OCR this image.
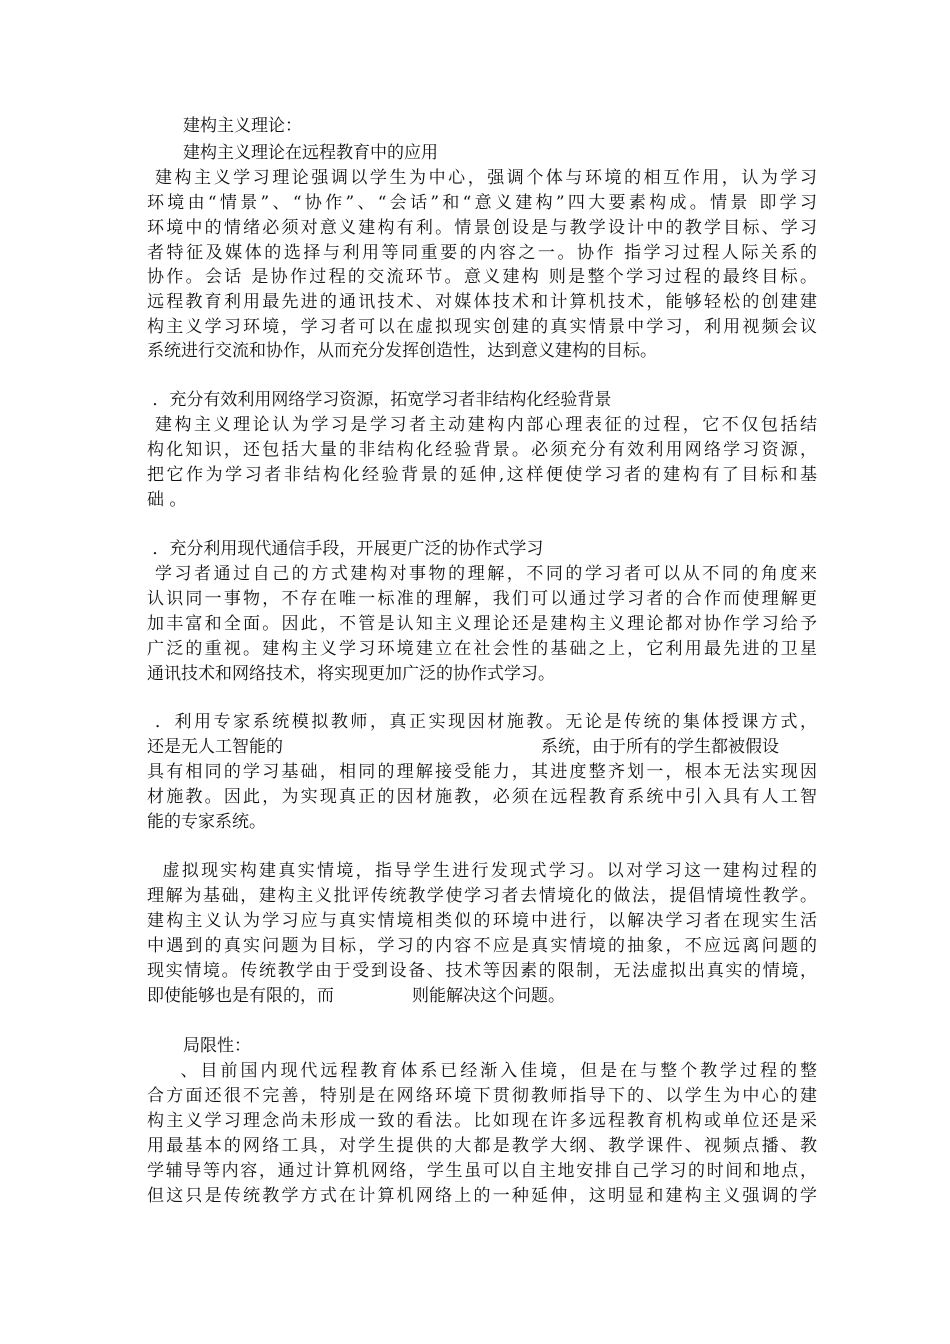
建构主义理论：
建构主义理论在远程教育中的应用
建构主义学习理论强调以学生为中心，强调个体与环境的相互作用，认为学习
环境由“情景”、“协作”、“会话”和“意义建构”四大要素构成。情景 即学习
环境中的情绪必须对意义建构有利。情景创设是与教学设计中的教学目标、学习
者特征及媒体的选择与利用等同重要的内容之一。协作 指学习过程人际关系的
协作。会话 是协作过程的交流环节。意义建构 则是整个学习过程的最终目标。
远程教育利用最先进的通讯技术、对媒体技术和计算机技术，能够轻松的创建建
构主义学习环境，学习者可以在虚拟现实创建的真实情景中学习，利用视频会议
系统进行交流和协作，从而充分发挥创造性，达到意义建构的目标。
．充分有效利用网络学习资源，拓宽学习者非结构化经验背景
建构主义理论认为学习是学习者主动建构内部心理表征的过程，它不仅包括结
构化知识，还包括大量的非结构化经验背景。必须充分有效利用网络学习资源，
把它作为学习者非结构化经验背景的延伸,这样便使学习者的建构有了目标和基
础 。
．充分利用现代通信手段，开展更广泛的协作式学习
学习者通过自己的方式建构对事物的理解，不同的学习者可以从不同的角度来
认识同一事物，不存在唯一标准的理解，我们可以通过学习者的合作而使理解更
加丰富和全面。因此，不管是认知主义理论还是建构主义理论都对协作学习给予
广泛的重视。建构主义学习环境建立在社会性的基础之上，它利用最先进的卫星
通讯技术和网络技术，将实现更加广泛的协作式学习。
．利用专家系统模拟教师，真正实现因材施教。无论是传统的集体授课方式，
还是无人工智能的	系统，由于所有的学生都被假设
具有相同的学习基础，相同的理解接受能力，其进度整齐划一，根本无法实现因
材施教。因此，为实现真正的因材施教，必须在远程教育系统中引入具有人工智
能的专家系统。
虚拟现实构建真实情境，指导学生进行发现式学习。以对学习这一建构过程的
理解为基础，建构主义批评传统教学使学习者去情境化的做法，提倡情境性教学。
建构主义认为学习应与真实情境相类似的环境中进行，以解决学习者在现实生活
中遇到的真实问题为目标，学习的内容不应是真实情境的抽象，不应远离问题的
现实情境。传统教学由于受到设备、技术等因素的限制，无法虚拟出真实的情境，
即使能够也是有限的，而	则能解决这个问题。
局限性：
、目前国内现代远程教育体系已经渐入佳境，但是在与整个教学过程的整
合方面还很不完善，特别是在网络环境下贯彻教师指导下的、以学生为中心的建
构主义学习理念尚未形成一致的看法。比如现在许多远程教育机构或单位还是采
用最基本的网络工具，对学生提供的大都是教学大纲、教学课件、视频点播、教
学辅导等内容，通过计算机网络，学生虽可以自主地安排自己学习的时间和地点，
但这只是传统教学方式在计算机网络上的一种延伸，这明显和建构主义强调的学
